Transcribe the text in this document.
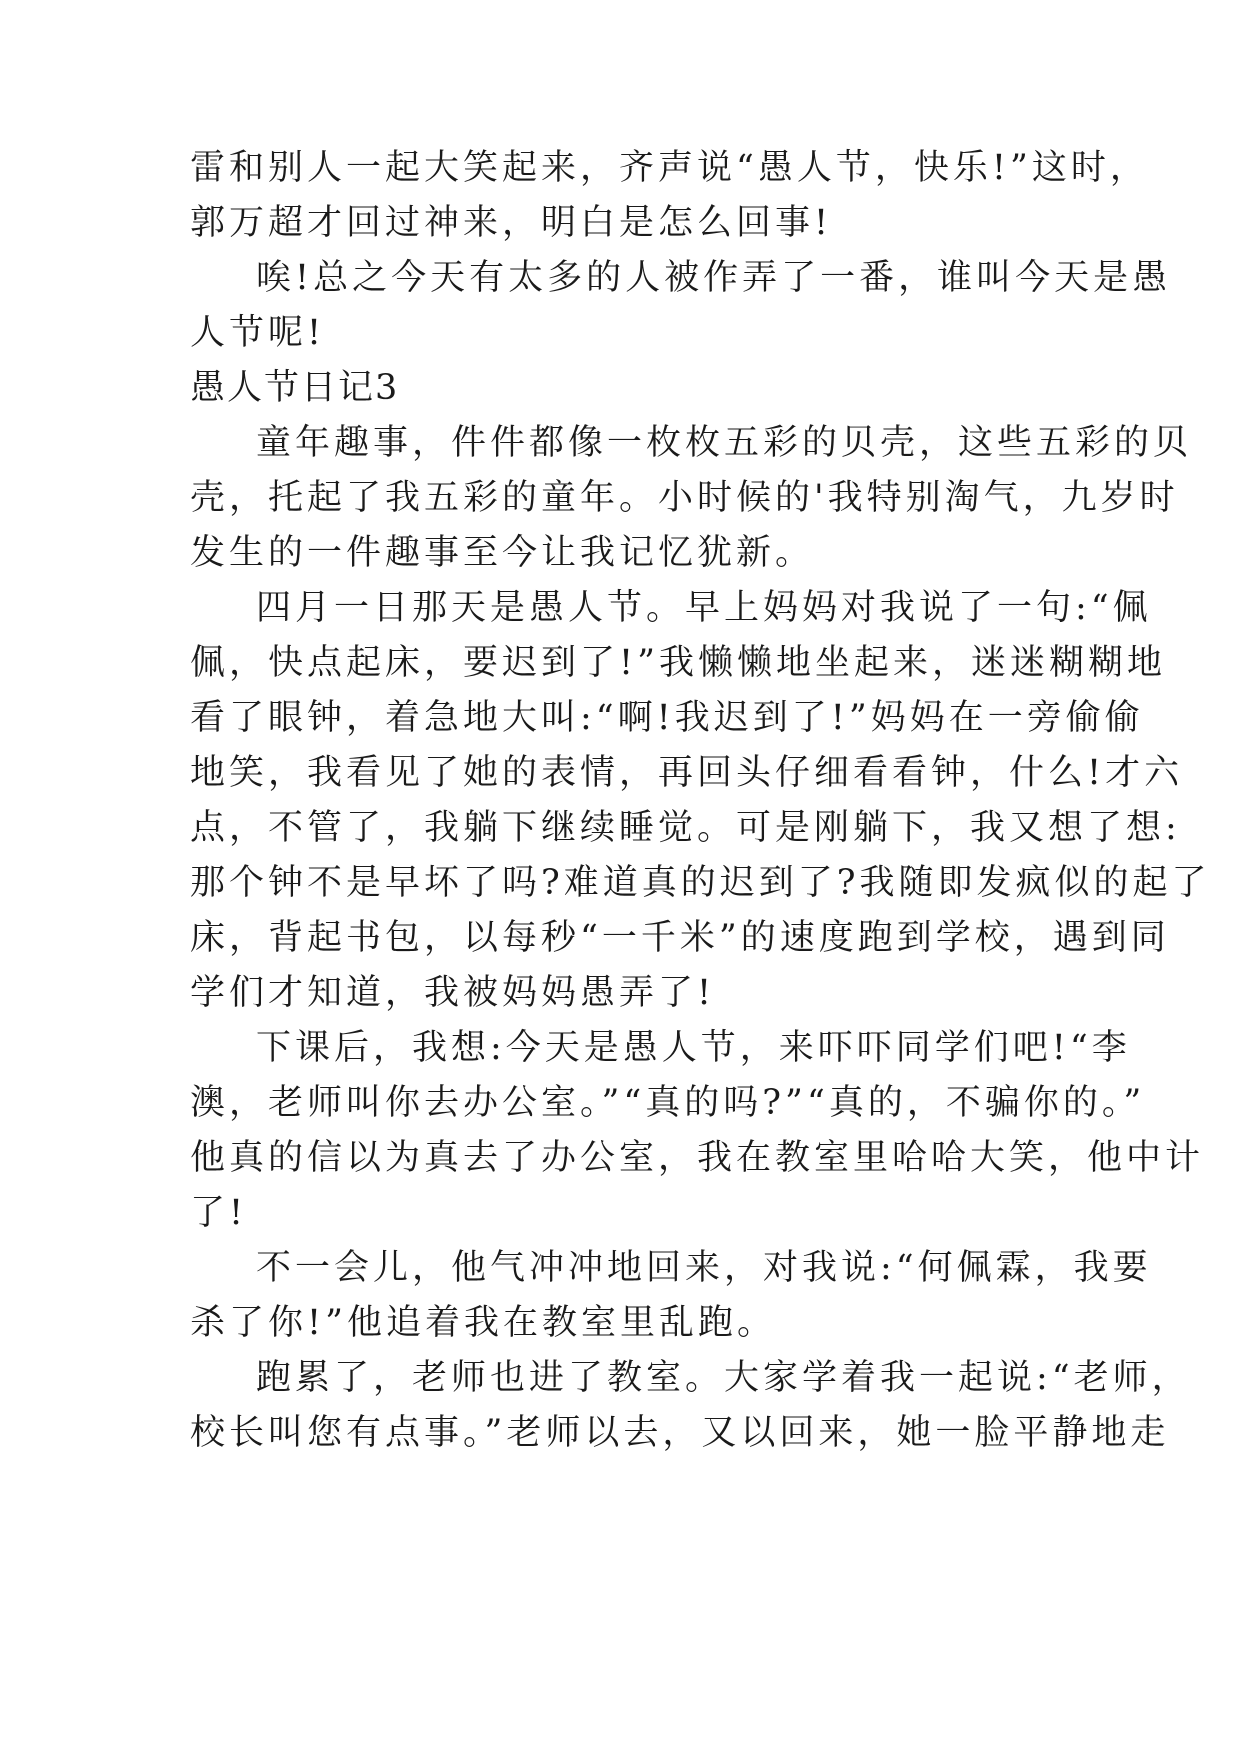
雷和别人一起大笑起来，齐声说“愚人节，快乐!”这时，
郭万超才回过神来，明白是怎么回事!
唉!总之今天有太多的人被作弄了一番，谁叫今天是愚
人节呢!
愚人节日记3
童年趣事，件件都像一枚枚五彩的贝壳，这些五彩的贝
壳，托起了我五彩的童年。小时候的'我特别淘气，九岁时
发生的一件趣事至今让我记忆犹新。
四月一日那天是愚人节。早上妈妈对我说了一句:“佩
佩，快点起床，要迟到了!”我懒懒地坐起来，迷迷糊糊地
看了眼钟，着急地大叫:“啊!我迟到了!”妈妈在一旁偷偷
地笑，我看见了她的表情，再回头仔细看看钟，什么!才六
点，不管了，我躺下继续睡觉。可是刚躺下，我又想了想:
那个钟不是早坏了吗?难道真的迟到了?我随即发疯似的起了
床，背起书包，以每秒“一千米”的速度跑到学校，遇到同
学们才知道，我被妈妈愚弄了!
下课后，我想:今天是愚人节，来吓吓同学们吧!“李
澳，老师叫你去办公室。”“真的吗?”“真的，不骗你的。”
他真的信以为真去了办公室，我在教室里哈哈大笑，他中计
了!
不一会儿，他气冲冲地回来，对我说:“何佩霖，我要
杀了你!”他追着我在教室里乱跑。
跑累了，老师也进了教室。大家学着我一起说:“老师，
校长叫您有点事。”老师以去，又以回来，她一脸平静地走
